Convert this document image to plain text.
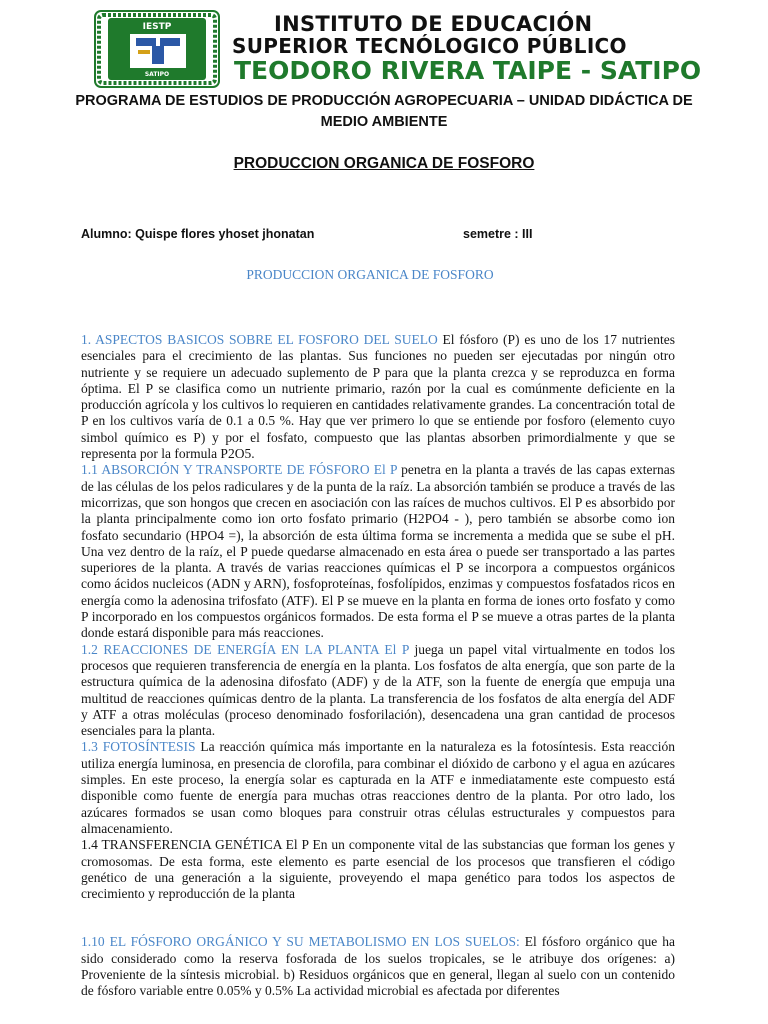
IESTP
SATIPO
INSTITUTO DE EDUCACIÓN
SUPERIOR TECNÓLOGICO PÚBLICO
TEODORO RIVERA TAIPE - SATIPO
PROGRAMA DE ESTUDIOS DE PRODUCCIÓN AGROPECUARIA – UNIDAD DIDÁCTICA DE MEDIO AMBIENTE
PRODUCCION ORGANICA DE FOSFORO
Alumno: Quispe flores yhoset jhonatan	semetre : III
PRODUCCION ORGANICA DE FOSFORO

1. ASPECTOS BASICOS SOBRE EL FOSFORO DEL SUELO El fósforo (P) es uno de los 17 nutrientes esenciales para el crecimiento de las plantas. Sus funciones no pueden ser ejecutadas por ningún otro nutriente y se requiere un adecuado suplemento de P para que la planta crezca y se reproduzca en forma óptima. El P se clasifica como un nutriente primario, razón por la cual es comúnmente deficiente en la producción agrícola y los cultivos lo requieren en cantidades relativamente grandes. La concentración total de P en los cultivos varía de 0.1 a 0.5 %. Hay que ver primero lo que se entiende por fosforo (elemento cuyo simbol químico es P) y por el fosfato, compuesto que las plantas absorben primordialmente y que se representa por la formula P2O5.

1.1 ABSORCIÓN Y TRANSPORTE DE FÓSFORO El P penetra en la planta a través de las capas externas de las células de los pelos radiculares y de la punta de la raíz. La absorción también se produce a través de las micorrizas, que son hongos que crecen en asociación con las raíces de muchos cultivos. El P es absorbido por la planta principalmente como ion orto fosfato primario (H2PO4 - ), pero también se absorbe como ion fosfato secundario (HPO4 =), la absorción de esta última forma se incrementa a medida que se sube el pH. Una vez dentro de la raíz, el P puede quedarse almacenado en esta área o puede ser transportado a las partes superiores de la planta. A través de varias reacciones químicas el P se incorpora a compuestos orgánicos como ácidos nucleicos (ADN y ARN), fosfoproteínas, fosfolípidos, enzimas y compuestos fosfatados ricos en energía como la adenosina trifosfato (ATF). El P se mueve en la planta en forma de iones orto fosfato y como P incorporado en los compuestos orgánicos formados. De esta forma el P se mueve a otras partes de la planta donde estará disponible para más reacciones.

1.2 REACCIONES DE ENERGÍA EN LA PLANTA El P juega un papel vital virtualmente en todos los procesos que requieren transferencia de energía en la planta. Los fosfatos de alta energía, que son parte de la estructura química de la adenosina difosfato (ADF) y de la ATF, son la fuente de energía que empuja una multitud de reacciones químicas dentro de la planta. La transferencia de los fosfatos de alta energía del ADF y ATF a otras moléculas (proceso denominado fosforilación), desencadena una gran cantidad de procesos esenciales para la planta.

1.3 FOTOSÍNTESIS La reacción química más importante en la naturaleza es la fotosíntesis. Esta reacción utiliza energía luminosa, en presencia de clorofila, para combinar el dióxido de carbono y el agua en azúcares simples. En este proceso, la energía solar es capturada en la ATF e inmediatamente este compuesto está disponible como fuente de energía para muchas otras reacciones dentro de la planta. Por otro lado, los azúcares formados se usan como bloques para construir otras células estructurales y compuestos para almacenamiento.

1.4 TRANSFERENCIA GENÉTICA El P En un componente vital de las substancias que forman los genes y cromosomas. De esta forma, este elemento es parte esencial de los procesos que transfieren el código genético de una generación a la siguiente, proveyendo el mapa genético para todos los aspectos de crecimiento y reproducción de la planta

1.10 EL FÓSFORO ORGÁNICO Y SU METABOLISMO EN LOS SUELOS: El fósforo orgánico que ha sido considerado como la reserva fosforada de los suelos tropicales, se le atribuye dos orígenes: a) Proveniente de la síntesis microbial. b) Residuos orgánicos que en general, llegan al suelo con un contenido de fósforo variable entre 0.05% y 0.5% La actividad microbial es afectada por diferentes
